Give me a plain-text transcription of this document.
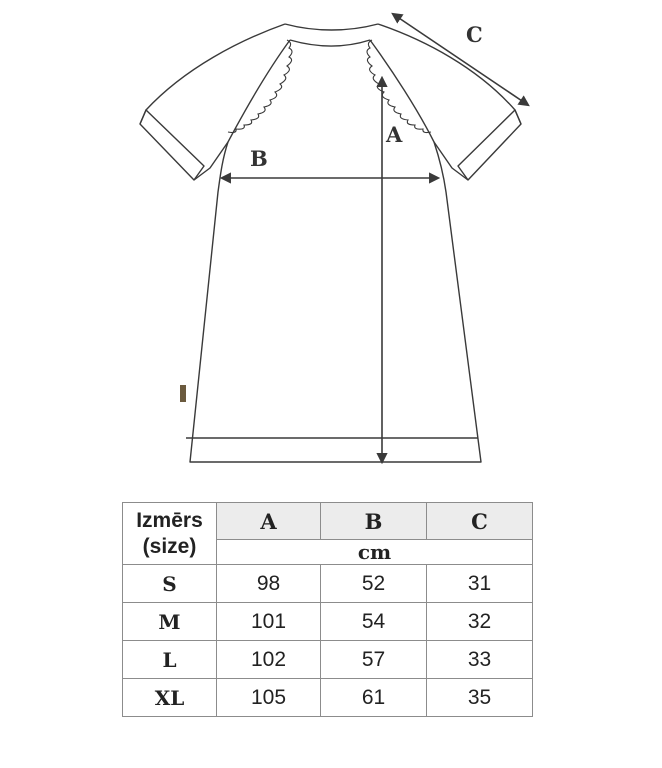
A
B
C
Izmērs
(size)	A	B	C
	cm		
S	98	52	31
M	101	54	32
L	102	57	33
XL	105	61	35
